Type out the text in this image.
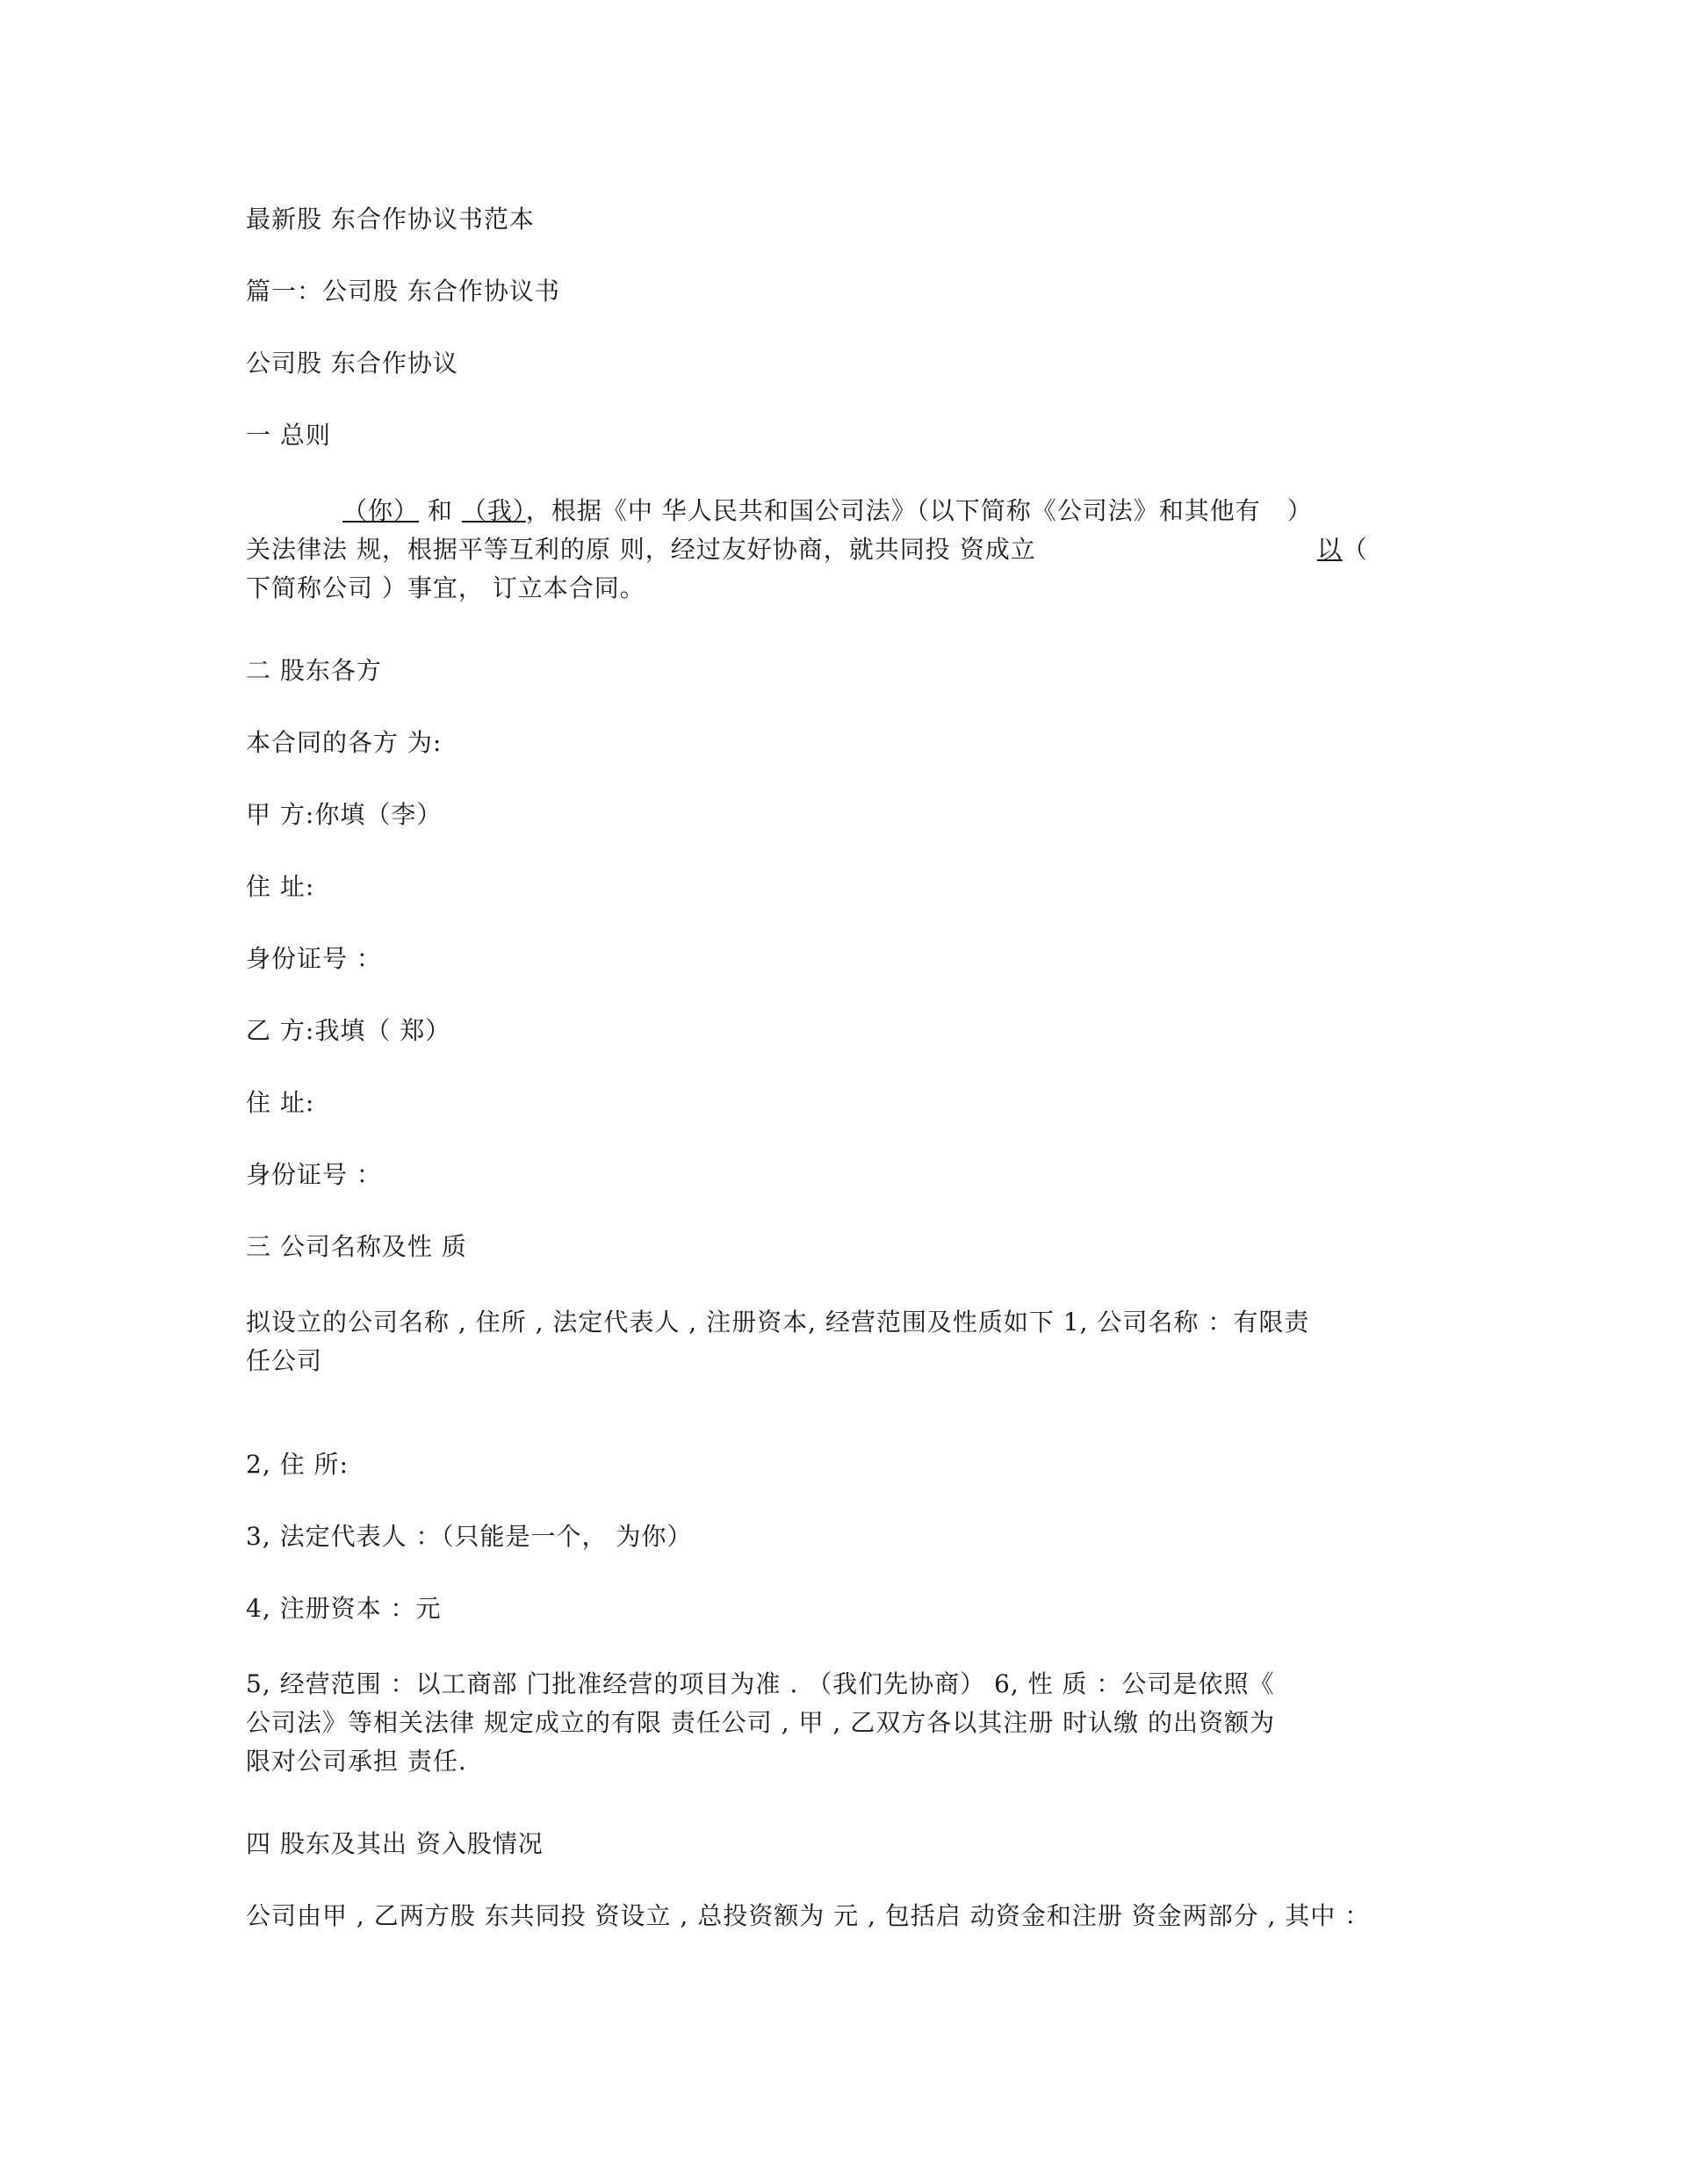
最新股 东合作协议书范本
篇一：公司股 东合作协议书
公司股 东合作协议
一 总则
（你） 和 （我），根据《中 华人民共和国公司法》（以下简称《公司法》和其他有 ）
关法律法 规，根据平等互利的原 则，经过友好协商，就共同投 资成立	以（
下简称公司 ）事宜， 订立本合同。
二 股东各方
本合同的各方 为:
甲 方:你填（李）
住 址:
身份证号 ：
乙 方:我填（ 郑）
住 址:
身份证号 ：
三 公司名称及性 质
拟设立的公司名称 , 住所 , 法定代表人 , 注册资本, 经营范围及性质如下 1, 公司名称 ：有限责
任公司
2, 住 所:
3, 法定代表人 ：（只能是一个， 为你）
4, 注册资本 ：元
5, 经营范围 ：以工商部 门批准经营的项目为准 . （我们先协商） 6, 性 质 ：公司是依照《
公司法》等相关法律 规定成立的有限 责任公司 , 甲 , 乙双方各以其注册 时认缴 的出资额为
限对公司承担 责任.
四 股东及其出 资入股情况
公司由甲 , 乙两方股 东共同投 资设立 , 总投资额为 元 , 包括启 动资金和注册 资金两部分 , 其中 ：
